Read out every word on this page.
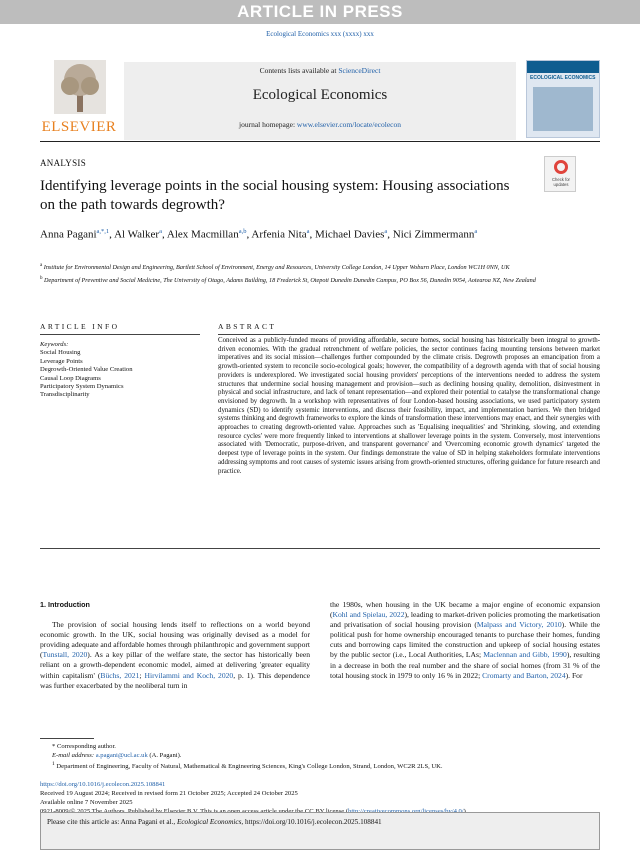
ARTICLE IN PRESS
Ecological Economics xxx (xxxx) xxx
ELSEVIER
Contents lists available at ScienceDirect
Ecological Economics
journal homepage: www.elsevier.com/locate/ecolecon
ECOLOGICAL ECONOMICS
ANALYSIS
Check for updates
Identifying leverage points in the social housing system: Housing associations on the path towards degrowth?
Anna Pagani$^{a,*,1}$, Al Walker$^a$, Alex Macmillan$^{a,b}$, Arfenia Nita$^a$, Michael Davies$^a$, Nici Zimmermann$^a$

$^a$ Institute for Environmental Design and Engineering, Bartlett School of Environment, Energy and Resources, University College London, 14 Upper Woburn Place, London WC1H 0NN, UK

$^b$ Department of Preventive and Social Medicine, The University of Otago, Adams Building, 18 Frederick St, Otepoti Dunedin Dunedin Campus, PO Box 56, Dunedin 9054, Aotearoa NZ, New Zealand

ARTICLE INFO	ABSTRACT
Keywords:
Social Housing
Leverage Points
Degrowth-Oriented Value Creation
Causal Loop Diagrams
Participatory System Dynamics
Transdisciplinarity
Conceived as a publicly-funded means of providing affordable, secure homes, social housing has historically been integral to growth-driven economies. With the gradual retrenchment of welfare policies, the sector continues facing mounting tensions between market imperatives and its social mission—challenges further compounded by the climate crisis. Degrowth proposes an emancipation from a growth-oriented system to reconcile socio-ecological goals; however, the compatibility of a degrowth agenda with that of social housing providers is underexplored. We investigated social housing providers' perceptions of the interventions needed to address the system structures that undermine social housing management and provision—such as declining housing quality, demolition, disinvestment in physical and social infrastructure, and lack of tenant representation—and explored their potential to catalyse the transformational change envisioned by degrowth. In a workshop with representatives of four London-based housing associations, we used participatory system dynamics (SD) to identify systemic interventions, and discuss their feasibility, impact, and implementation barriers. We then bridged systems thinking and degrowth frameworks to explore the kinds of transformation these interventions may enact, and their synergies with approaches to creating degrowth-oriented value. Approaches such as 'Equalising inequalities' and 'Shrinking, slowing, and extending resource cycles' were more frequently linked to interventions at shallower leverage points in the system. Conversely, most interventions associated with 'Democratic, purpose-driven, and transparent governance' and 'Overcoming economic growth dynamics' targeted the deepest type of leverage points in the system. Our findings demonstrate the value of SD in helping stakeholders formulate interventions addressing symptoms and root causes of systemic issues arising from growth-oriented structures, offering guidance for future research and practice.
1. Introduction

The provision of social housing lends itself to reflections on a world beyond economic growth. In the UK, social housing was originally devised as a model for providing adequate and affordable homes through philanthropic and government support (Tunstall, 2020). As a key pillar of the welfare state, the sector has historically been reliant on a growth-dependent economic model, aimed at delivering 'greater equality within capitalism' (Büchs, 2021; Hirvilammi and Koch, 2020, p. 1). This dependence was further exacerbated by the neoliberal turn in

the 1980s, when housing in the UK became a major engine of economic expansion (Kohl and Spielau, 2022), leading to market-driven policies promoting the marketisation and privatisation of social housing provision (Malpass and Victory, 2010). While the political push for home ownership encouraged tenants to purchase their homes, funding cuts and borrowing caps limited the construction and upkeep of social housing estates by the public sector (i.e., Local Authorities, LAs; Maclennan and Gibb, 1990), resulting in a decrease in both the real number and the share of social homes (from 31 % of the total housing stock in 1979 to only 16 % in 2022; Cromarty and Barton, 2024). For

* Corresponding author.
E-mail address: a.pagani@ucl.ac.uk (A. Pagani).
$^1$ Department of Engineering, Faculty of Natural, Mathematical & Engineering Sciences, King's College London, Strand, London, WC2R 2LS, UK.
https://doi.org/10.1016/j.ecolecon.2025.108841
Received 19 August 2024; Received in revised form 21 October 2025; Accepted 24 October 2025
Available online 7 November 2025
Please cite this article as: Anna Pagani et al., Ecological Economics, https://doi.org/10.1016/j.ecolecon.2025.108841
